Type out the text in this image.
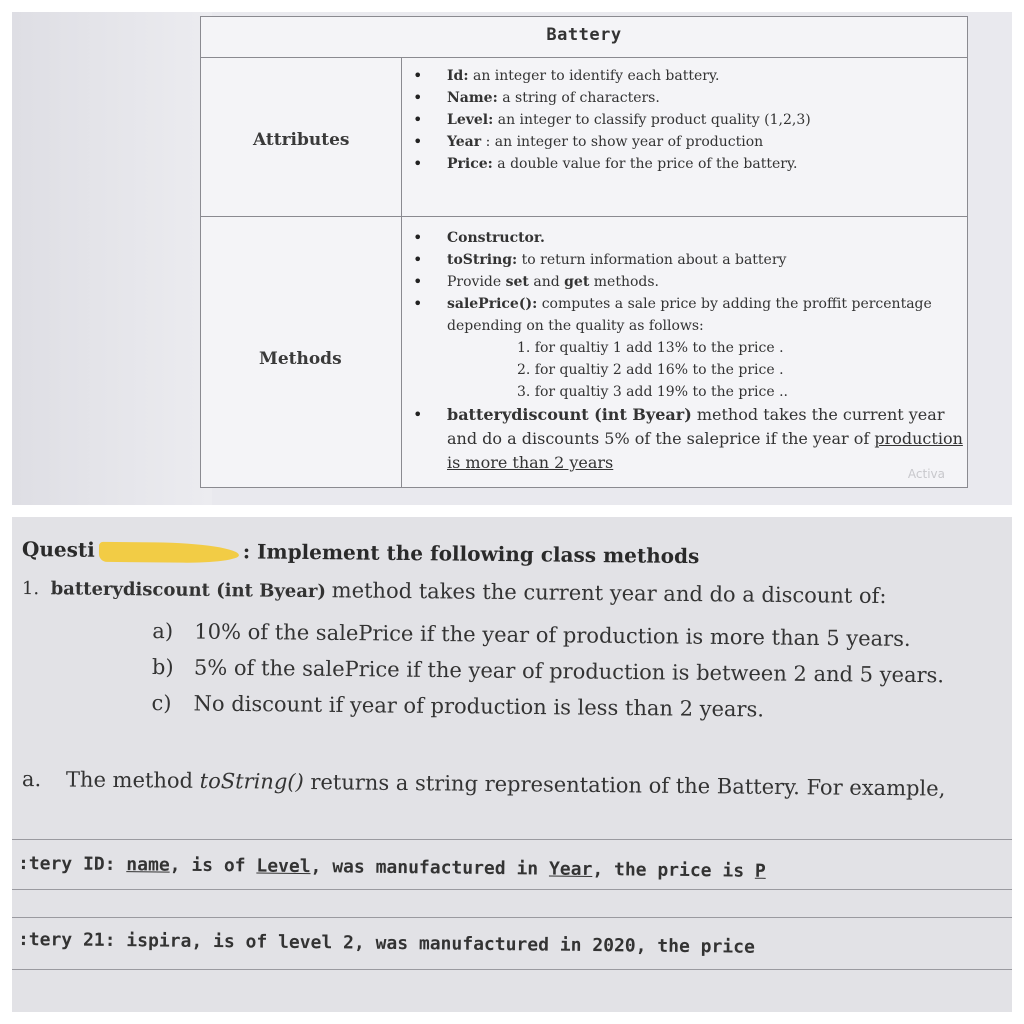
Battery
Attributes
Methods
• Id: an integer to identify each battery.
• Name: a string of characters.
• Level: an integer to classify product quality (1,2,3)
• Year : an integer to show year of production
• Price: a double value for the price of the battery.
• Constructor.
• toString: to return information about a battery
• Provide set and get methods.
• salePrice(): computes a sale price by adding the proffit percentage depending on the quality as follows:
1. for qualtiy 1 add 13% to the price .
2. for qualtiy 2 add 16% to the price .
3. for qualtiy 3 add 19% to the price ..
• batterydiscount (int Byear) method takes the current year and do a discounts 5% of the saleprice if the year of production is more than 2 years
Activa
Questi	: Implement the following class methods
1. batterydiscount (int Byear) method takes the current year and do a discount of:
a) 10% of the salePrice if the year of production is more than 5 years.
b) 5% of the salePrice if the year of production is between 2 and 5 years.
c) No discount if year of production is less than 2 years.
a. The method toString() returns a string representation of the Battery. For example,
:tery ID: name, is of Level, was manufactured in Year, the price is P
:tery 21: ispira, is of level 2, was manufactured in 2020, the price
